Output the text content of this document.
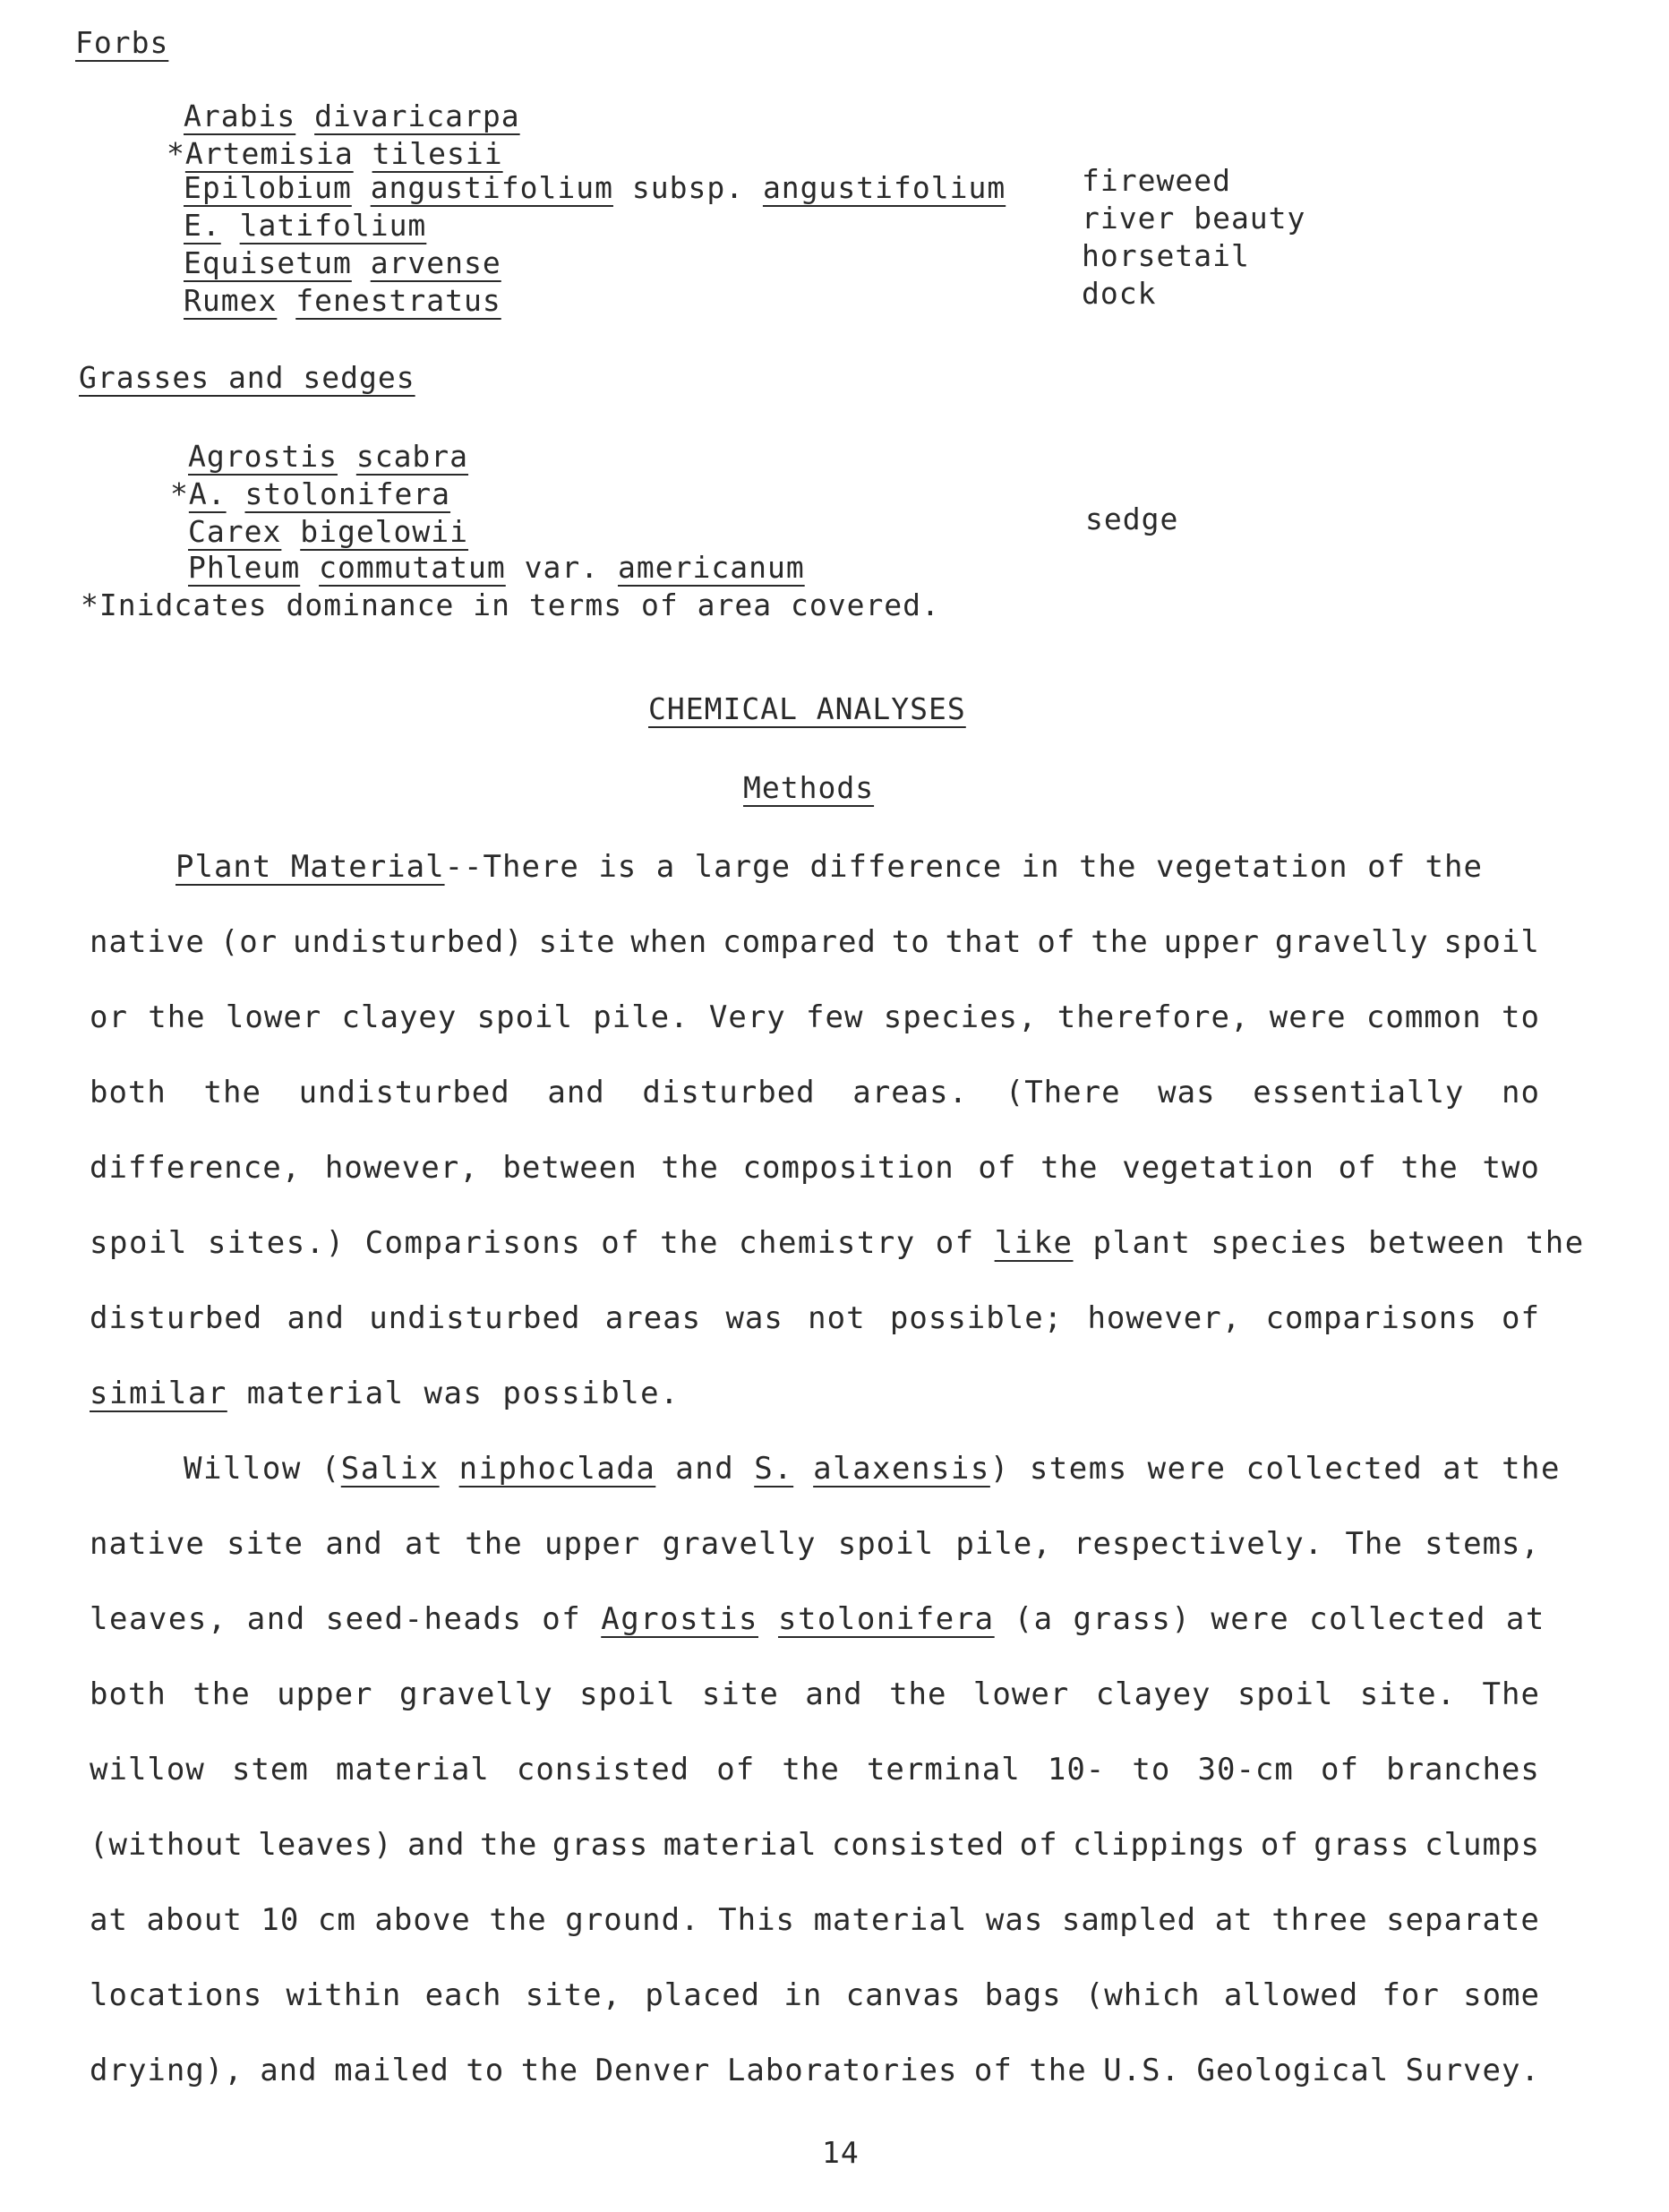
Forbs
Arabis divaricarpa
*Artemisia tilesii
Epilobium angustifolium subsp. angustifolium	fireweed
E. latifolium	river beauty
Equisetum arvense	horsetail
Rumex fenestratus	dock
Grasses and sedges
Agrostis scabra
*A. stolonifera
Carex bigelowii	sedge
Phleum commutatum var. americanum
*Inidcates dominance in terms of area covered.
CHEMICAL ANALYSES
Methods
Plant Material--There is a large difference in the vegetation of the
native (or undisturbed) site when compared to that of the upper gravelly spoil
or the lower clayey spoil pile. Very few species, therefore, were common to
both the undisturbed and disturbed areas. (There was essentially no
difference, however, between the composition of the vegetation of the two
spoil sites.) Comparisons of the chemistry of like plant species between the
disturbed and undisturbed areas was not possible; however, comparisons of
similar material was possible.
Willow (Salix niphoclada and S. alaxensis) stems were collected at the
native site and at the upper gravelly spoil pile, respectively. The stems,
leaves, and seed-heads of Agrostis stolonifera (a grass) were collected at
both the upper gravelly spoil site and the lower clayey spoil site. The
willow stem material consisted of the terminal 10- to 30-cm of branches
(without leaves) and the grass material consisted of clippings of grass clumps
at about 10 cm above the ground. This material was sampled at three separate
locations within each site, placed in canvas bags (which allowed for some
drying), and mailed to the Denver Laboratories of the U.S. Geological Survey.
14
